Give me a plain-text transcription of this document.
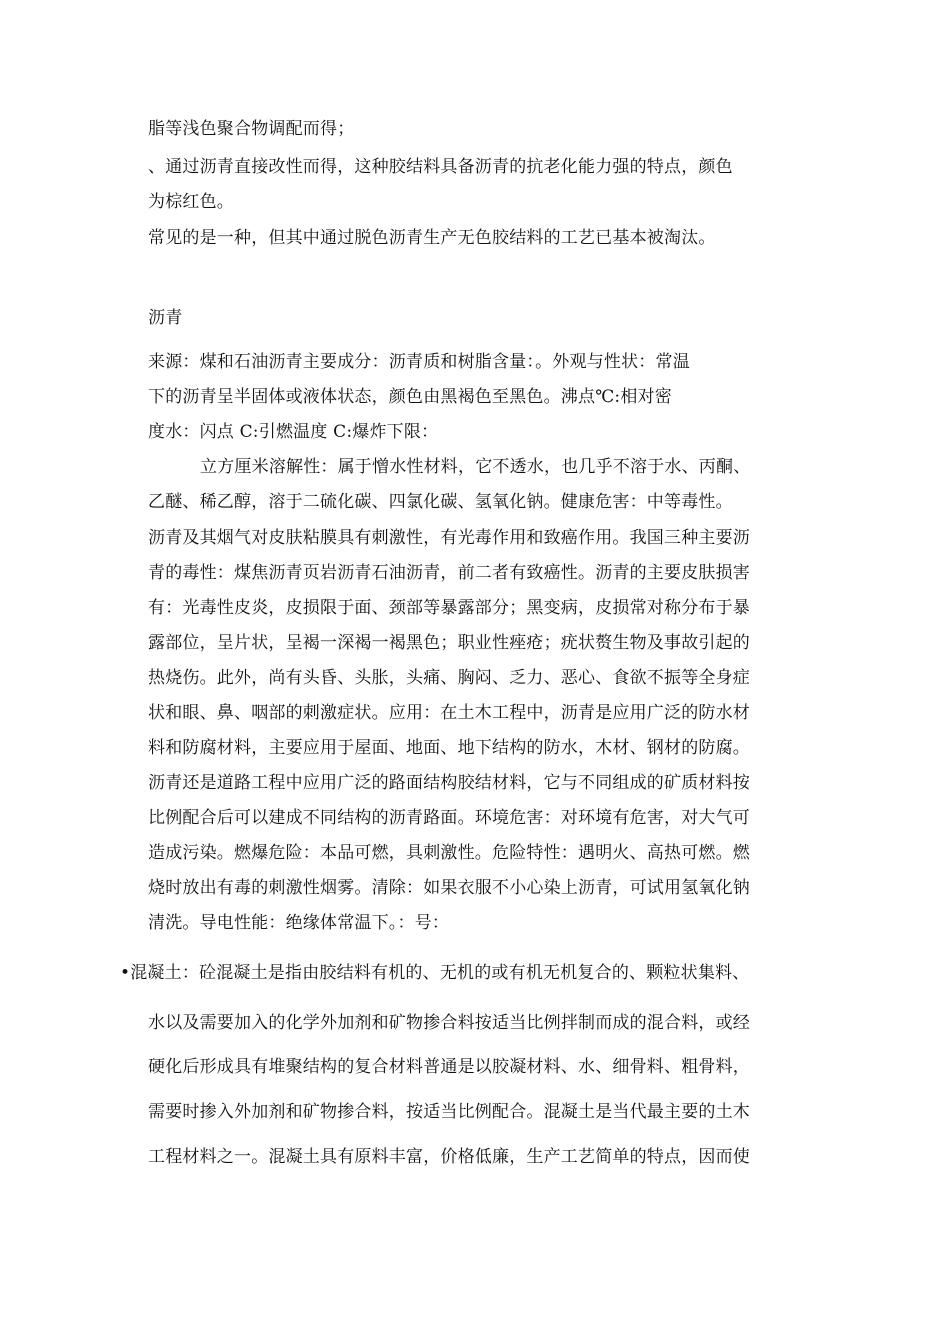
脂等浅色聚合物调配而得；
、通过沥青直接改性而得，这种胶结料具备沥青的抗老化能力强的特点，颜色
为棕红色。
常见的是一种，但其中通过脱色沥青生产无色胶结料的工艺已基本被淘汰。
沥青
来源：煤和石油沥青主要成分：沥青质和树脂含量：。外观与性状：常温
下的沥青呈半固体或液体状态，颜色由黑褐色至黑色。沸点℃:相对密
度水：闪点 C:引燃温度 C:爆炸下限：
立方厘米溶解性：属于憎水性材料，它不透水，也几乎不溶于水、丙酮、
乙醚、稀乙醇，溶于二硫化碳、四氯化碳、氢氧化钠。健康危害：中等毒性。
沥青及其烟气对皮肤粘膜具有刺激性，有光毒作用和致癌作用。我国三种主要沥
青的毒性：煤焦沥青页岩沥青石油沥青，前二者有致癌性。沥青的主要皮肤损害
有：光毒性皮炎，皮损限于面、颈部等暴露部分；黑变病，皮损常对称分布于暴
露部位，呈片状，呈褐一深褐一褐黑色；职业性痤疮；疣状赘生物及事故引起的
热烧伤。此外，尚有头昏、头胀，头痛、胸闷、乏力、恶心、食欲不振等全身症
状和眼、鼻、咽部的刺激症状。应用：在土木工程中，沥青是应用广泛的防水材
料和防腐材料，主要应用于屋面、地面、地下结构的防水，木材、钢材的防腐。
沥青还是道路工程中应用广泛的路面结构胶结材料，它与不同组成的矿质材料按
比例配合后可以建成不同结构的沥青路面。环境危害：对环境有危害，对大气可
造成污染。燃爆危险：本品可燃，具刺激性。危险特性：遇明火、高热可燃。燃
烧时放出有毒的刺激性烟雾。清除：如果衣服不小心染上沥青，可试用氢氧化钠
清洗。导电性能：绝缘体常温下。：号：
•混凝土：砼混凝土是指由胶结料有机的、无机的或有机无机复合的、颗粒状集料、
水以及需要加入的化学外加剂和矿物掺合料按适当比例拌制而成的混合料，或经
硬化后形成具有堆聚结构的复合材料普通是以胶凝材料、水、细骨料、粗骨料，
需要时掺入外加剂和矿物掺合料，按适当比例配合。混凝土是当代最主要的土木
工程材料之一。混凝土具有原料丰富，价格低廉，生产工艺简单的特点，因而使
